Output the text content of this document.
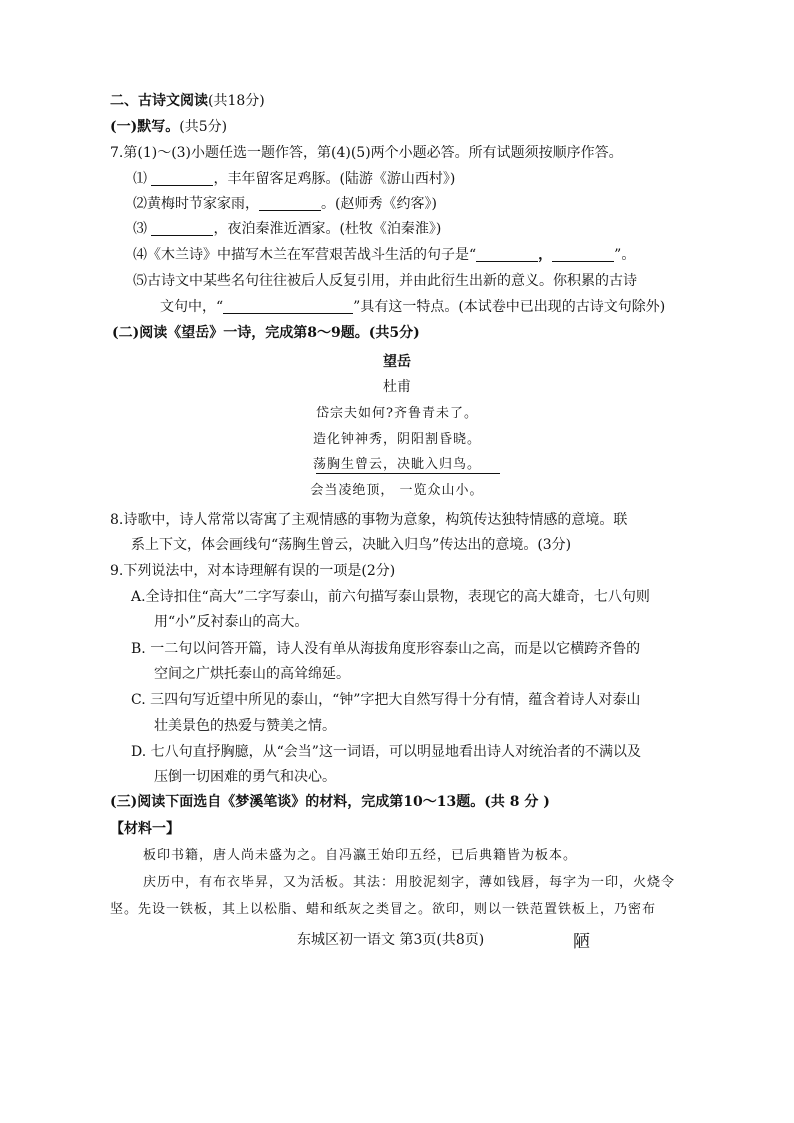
二、古诗文阅读(共18分)
(一)默写。(共5分)
7.第(1)～(3)小题任选一题作答，第(4)(5)两个小题必答。所有试题须按顺序作答。
⑴	，丰年留客足鸡豚。(陆游《游山西村》)
⑵黄梅时节家家雨，	。(赵师秀《约客》)
⑶	，夜泊秦淮近酒家。(杜牧《泊秦淮》)
⑷《木兰诗》中描写木兰在军营艰苦战斗生活的句子是“	，	”。
⑸古诗文中某些名句往往被后人反复引用，并由此衍生出新的意义。你积累的古诗
文句中，“	”具有这一特点。(本试卷中已出现的古诗文句除外)
(二)阅读《望岳》一诗，完成第8～9题。(共5分)
望岳
杜甫
岱宗夫如何?齐鲁青未了。
造化钟神秀，阴阳割昏晓。
荡胸生曾云，决眦入归鸟。
会当凌绝顶， 一览众山小。
8.诗歌中，诗人常常以寄寓了主观情感的事物为意象，构筑传达独特情感的意境。联
系上下文，体会画线句“荡胸生曾云，决眦入归鸟”传达出的意境。(3分)
9.下列说法中，对本诗理解有误的一项是(2分)
A.全诗扣住“高大”二字写泰山，前六句描写泰山景物，表现它的高大雄奇，七八句则
用“小”反衬泰山的高大。
B. 一二句以问答开篇，诗人没有单从海拔角度形容泰山之高，而是以它横跨齐鲁的
空间之广烘托泰山的高耸绵延。
C. 三四句写近望中所见的泰山，“钟”字把大自然写得十分有情，蕴含着诗人对泰山
壮美景色的热爱与赞美之情。
D. 七八句直抒胸臆，从“会当”这一词语，可以明显地看出诗人对统治者的不满以及
压倒一切困难的勇气和决心。
(三)阅读下面选自《梦溪笔谈》的材料，完成第10～13题。(共 8 分 )
【材料一】
板印书籍，唐人尚未盛为之。自冯瀛王始印五经，已后典籍皆为板本。
庆历中，有布衣毕昇，又为活板。其法：用胶泥刻字，薄如钱唇，每字为一印，火烧令
坚。先设一铁板，其上以松脂、蜡和纸灰之类冒之。欲印，则以一铁范置铁板上，乃密布
东城区初一语文 第3页(共8页)	陋
